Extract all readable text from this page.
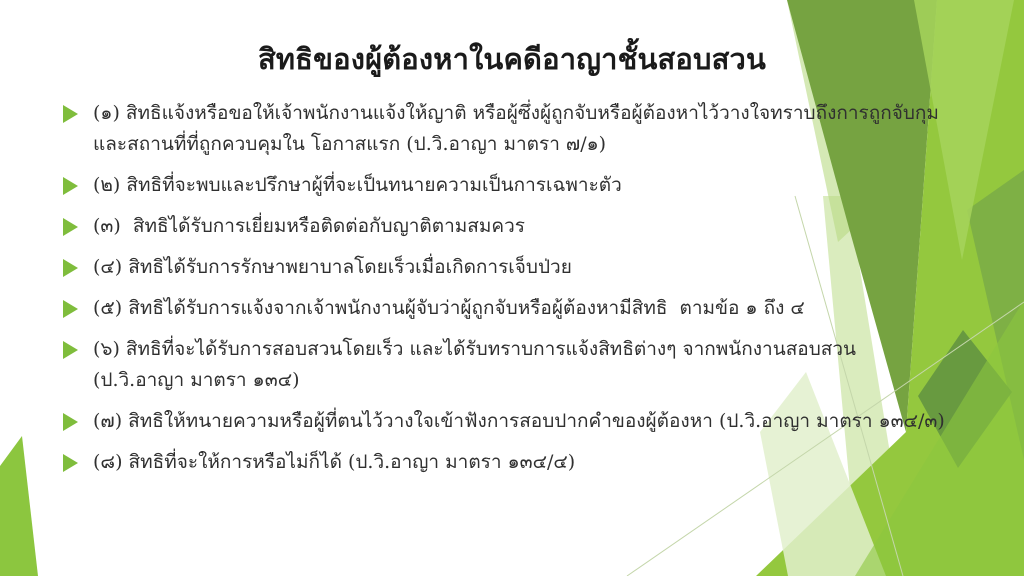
สิทธิของผู้ต้องหาในคดีอาญาชั้นสอบสวน
(๑) สิทธิแจ้งหรือขอให้เจ้าพนักงานแจ้งให้ญาติ หรือผู้ซึ่งผู้ถูกจับหรือผู้ต้องหาไว้วางใจทราบถึงการถูกจับกุมและสถานที่ที่ถูกควบคุมใน โอกาสแรก (ป.วิ.อาญา มาตรา ๗/๑)
(๒) สิทธิที่จะพบและปรึกษาผู้ที่จะเป็นทนายความเป็นการเฉพาะตัว
(๓)  สิทธิได้รับการเยี่ยมหรือติดต่อกับญาติตามสมควร
(๔) สิทธิได้รับการรักษาพยาบาลโดยเร็วเมื่อเกิดการเจ็บป่วย
(๕) สิทธิได้รับการแจ้งจากเจ้าพนักงานผู้จับว่าผู้ถูกจับหรือผู้ต้องหามีสิทธิ  ตามข้อ ๑ ถึง ๔
(๖) สิทธิที่จะได้รับการสอบสวนโดยเร็ว และได้รับทราบการแจ้งสิทธิต่างๆ จากพนักงานสอบสวน (ป.วิ.อาญา มาตรา ๑๓๔)
(๗) สิทธิให้ทนายความหรือผู้ที่ตนไว้วางใจเข้าฟังการสอบปากคำของผู้ต้องหา (ป.วิ.อาญา มาตรา ๑๓๔/๓)
(๘) สิทธิที่จะให้การหรือไม่ก็ได้ (ป.วิ.อาญา มาตรา ๑๓๔/๔)
